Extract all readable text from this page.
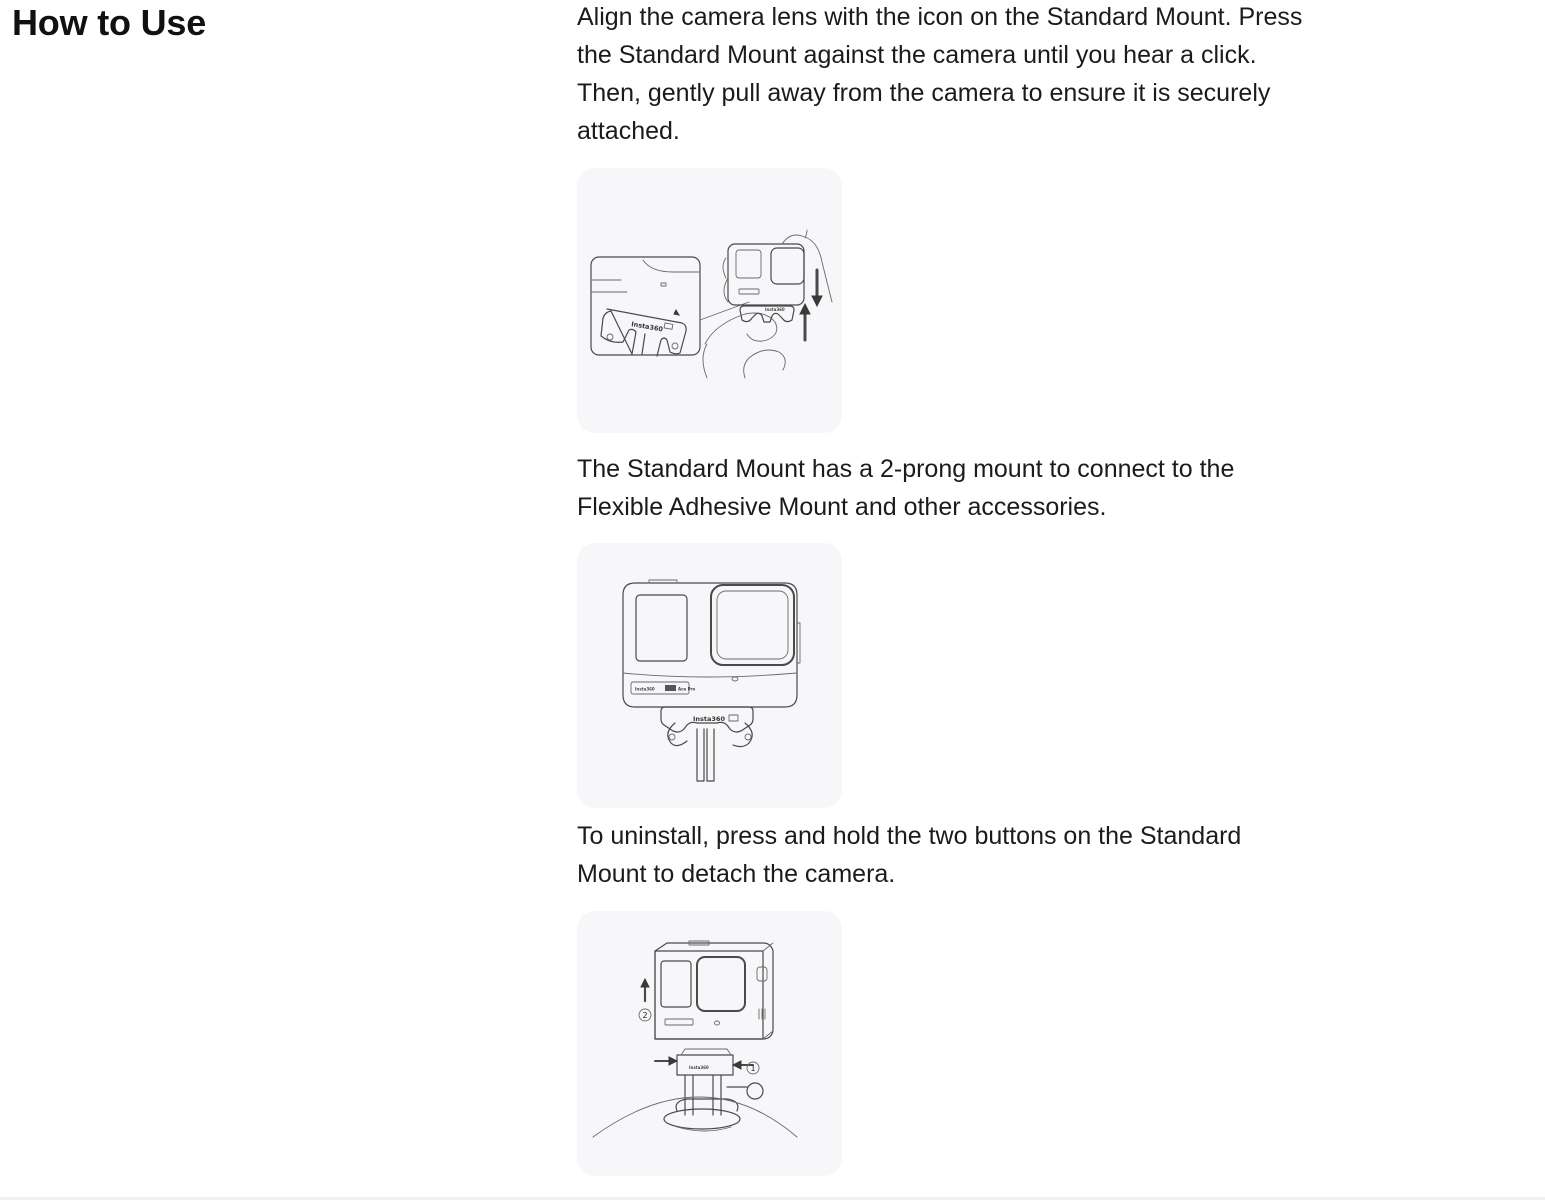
How to Use	Align the camera lens with the icon on the Standard Mount. Press the Standard Mount against the camera until you hear a click. Then, gently pull away from the camera to ensure it is securely attached.

Insta360
Insta360

The Standard Mount has a 2-prong mount to connect to the Flexible Adhesive Mount and other accessories.

Insta360	Ace Pro
Insta360

To uninstall, press and hold the two buttons on the Standard Mount to detach the camera.

2
Insta360	1
